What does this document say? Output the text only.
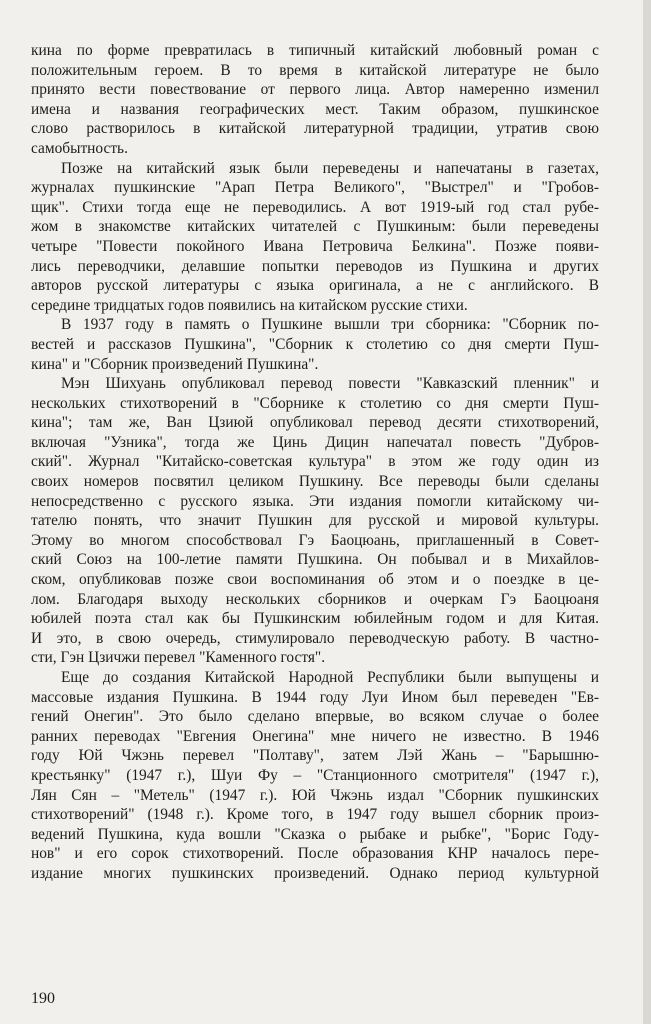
кина по форме превратилась в типичный китайский любовный роман с
положительным героем. В то время в китайской литературе не было
принято вести повествование от первого лица. Автор намеренно изменил
имена и названия географических мест. Таким образом, пушкинское
слово растворилось в китайской литературной традиции, утратив свою
самобытность.
Позже на китайский язык были переведены и напечатаны в газетах,
журналах пушкинские "Арап Петра Великого", "Выстрел" и "Гробов-
щик". Стихи тогда еще не переводились. А вот 1919-ый год стал рубе-
жом в знакомстве китайских читателей с Пушкиным: были переведены
четыре "Повести покойного Ивана Петровича Белкина". Позже появи-
лись переводчики, делавшие попытки переводов из Пушкина и других
авторов русской литературы с языка оригинала, а не с английского. В
середине тридцатых годов появились на китайском русские стихи.
В 1937 году в память о Пушкине вышли три сборника: "Сборник по-
вестей и рассказов Пушкина", "Сборник к столетию со дня смерти Пуш-
кина" и "Сборник произведений Пушкина".
Мэн Шихуань опубликовал перевод повести "Кавказский пленник" и
нескольких стихотворений в "Сборнике к столетию со дня смерти Пуш-
кина"; там же, Ван Цзиюй опубликовал перевод десяти стихотворений,
включая "Узника", тогда же Цинь Дицин напечатал повесть "Дубров-
ский". Журнал "Китайско-советская культура" в этом же году один из
своих номеров посвятил целиком Пушкину. Все переводы были сделаны
непосредственно с русского языка. Эти издания помогли китайскому чи-
тателю понять, что значит Пушкин для русской и мировой культуры.
Этому во многом способствовал Гэ Баоцюань, приглашенный в Совет-
ский Союз на 100-летие памяти Пушкина. Он побывал и в Михайлов-
ском, опубликовав позже свои воспоминания об этом и о поездке в це-
лом. Благодаря выходу нескольких сборников и очеркам Гэ Баоцюаня
юбилей поэта стал как бы Пушкинским юбилейным годом и для Китая.
И это, в свою очередь, стимулировало переводческую работу. В частно-
сти, Гэн Цзичжи перевел "Каменного гостя".
Еще до создания Китайской Народной Республики были выпущены и
массовые издания Пушкина. В 1944 году Луи Ином был переведен "Ев-
гений Онегин". Это было сделано впервые, во всяком случае о более
ранних переводах "Евгения Онегина" мне ничего не известно. В 1946
году Юй Чжэнь перевел "Полтаву", затем Лэй Жань – "Барышню-
крестьянку" (1947 г.), Шуи Фу – "Станционного смотрителя" (1947 г.),
Лян Сян – "Метель" (1947 г.). Юй Чжэнь издал "Сборник пушкинских
стихотворений" (1948 г.). Кроме того, в 1947 году вышел сборник произ-
ведений Пушкина, куда вошли "Сказка о рыбаке и рыбке", "Борис Году-
нов" и его сорок стихотворений. После образования КНР началось пере-
издание многих пушкинских произведений. Однако период культурной
190
